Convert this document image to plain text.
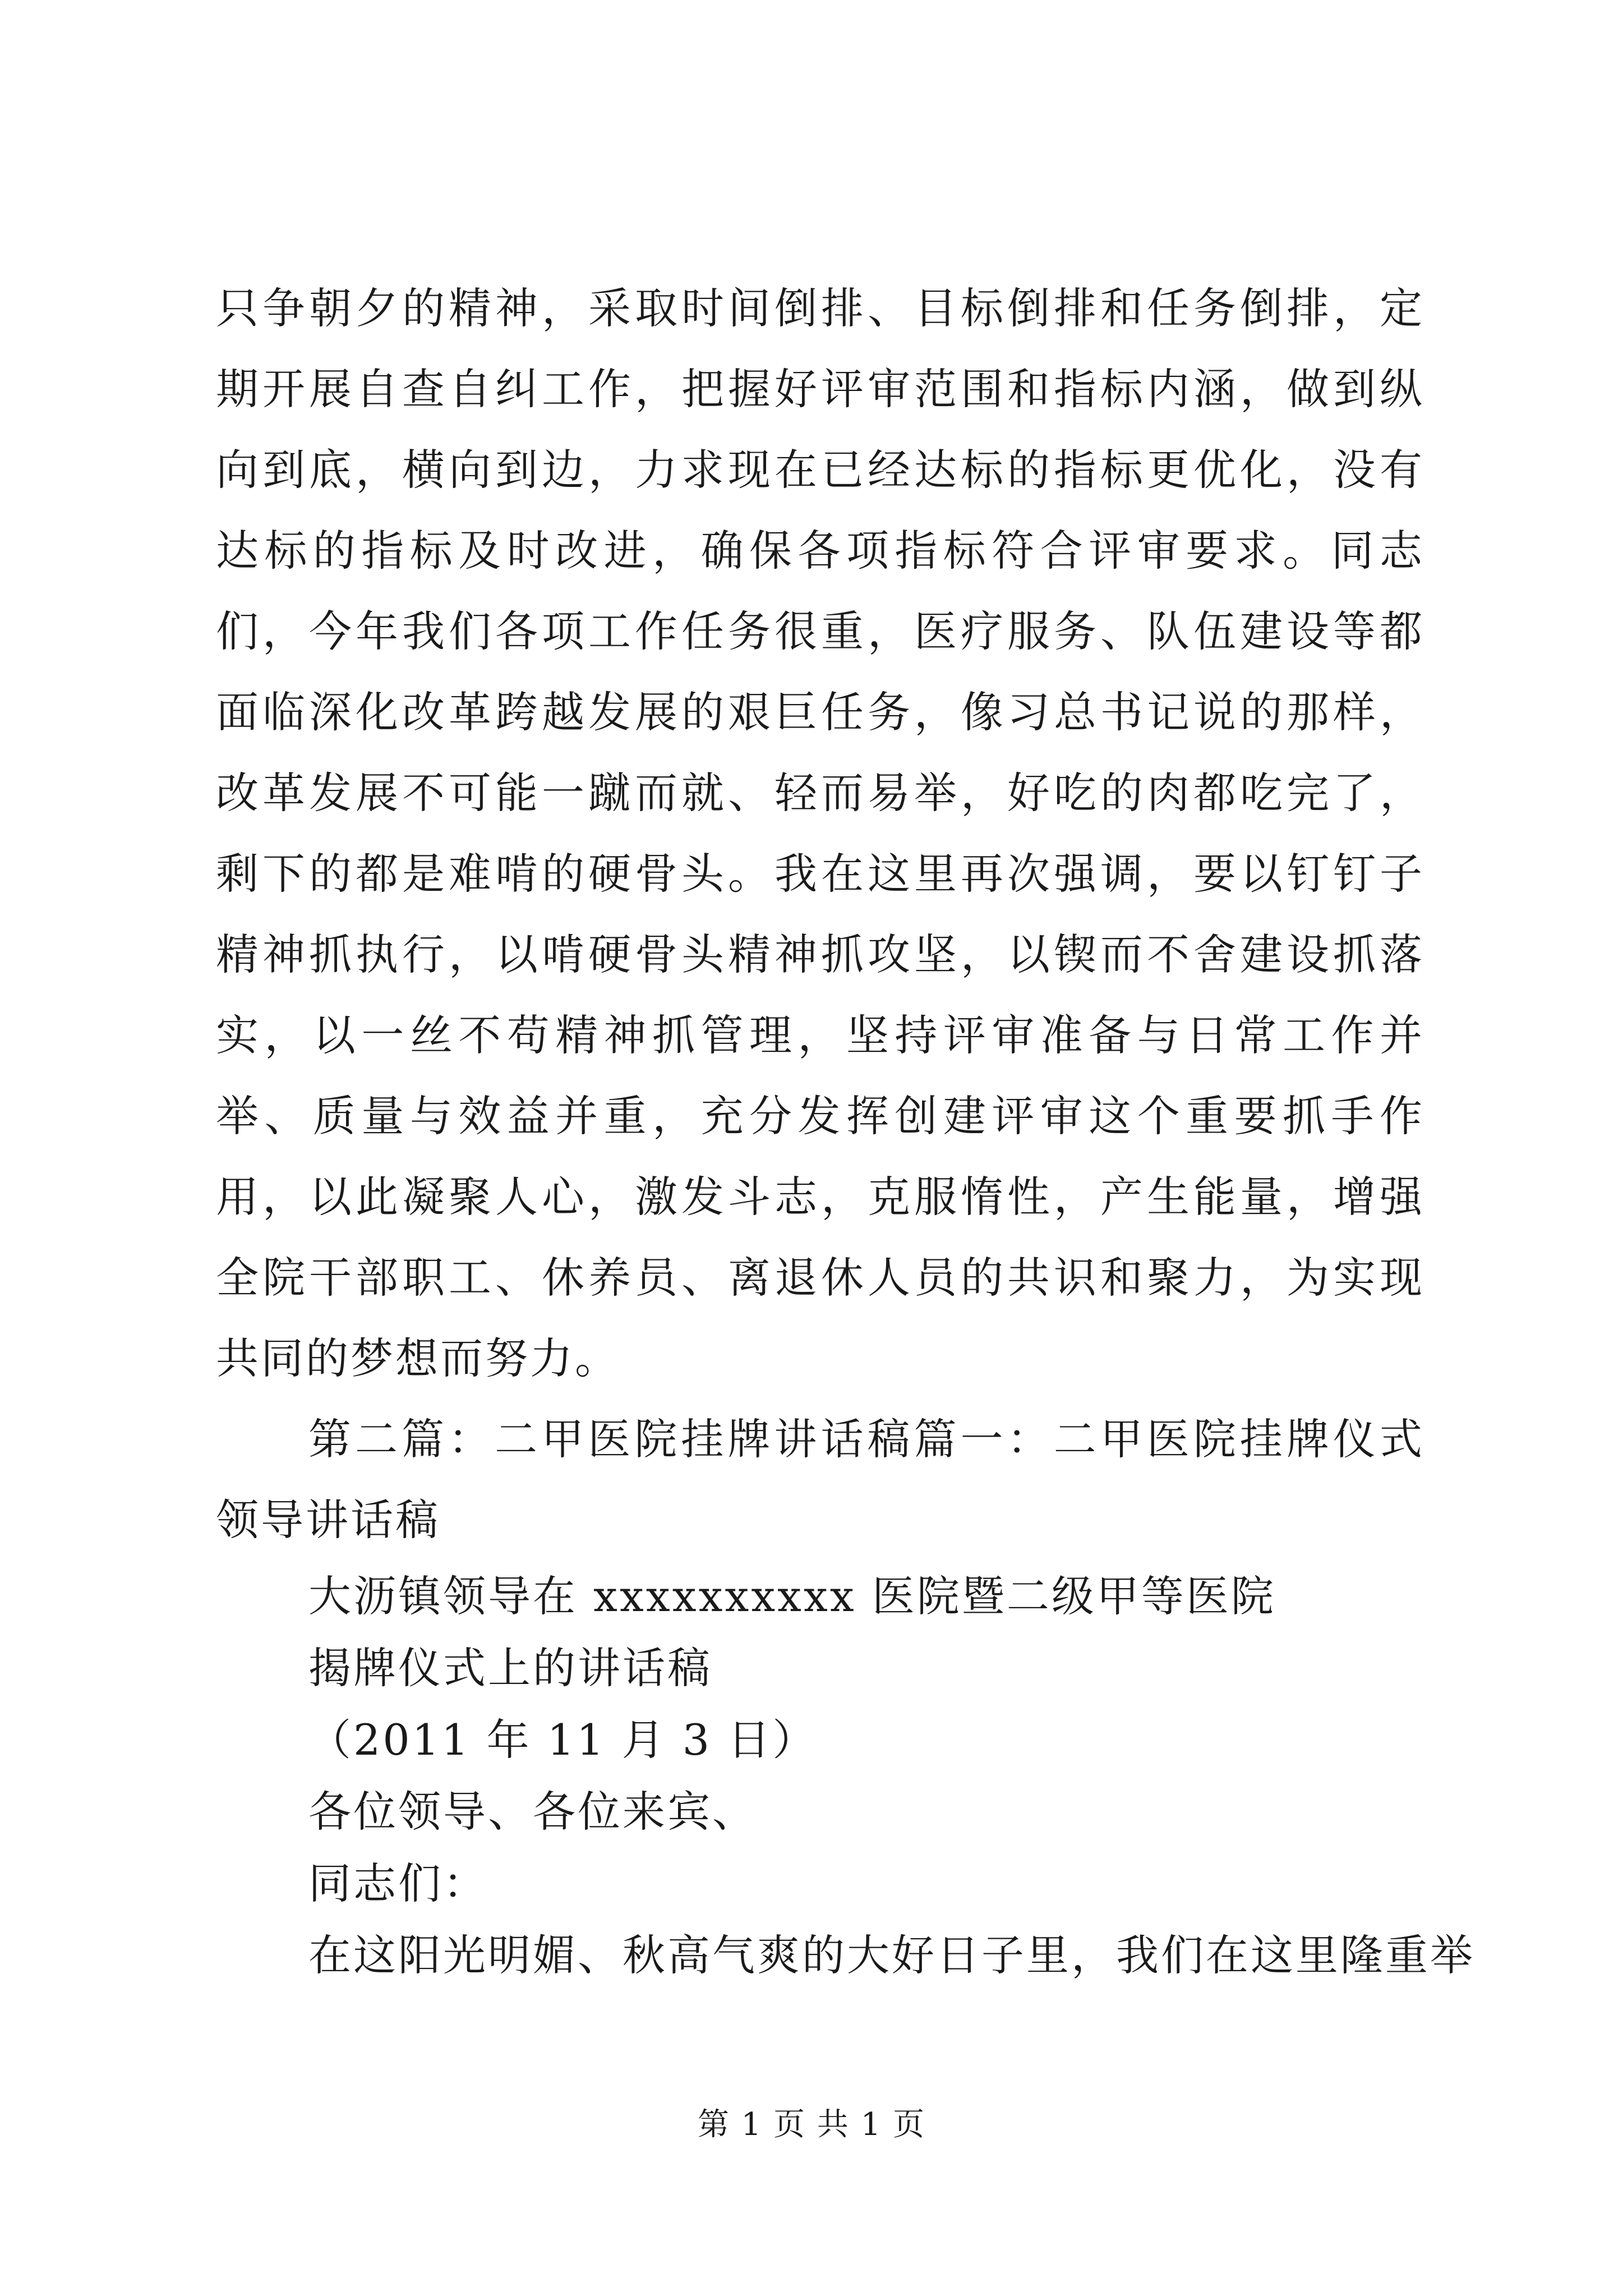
只争朝夕的精神，采取时间倒排、目标倒排和任务倒排，定期开展自查自纠工作，把握好评审范围和指标内涵，做到纵向到底，横向到边，力求现在已经达标的指标更优化，没有达标的指标及时改进，确保各项指标符合评审要求。同志们，今年我们各项工作任务很重，医疗服务、队伍建设等都面临深化改革跨越发展的艰巨任务，像习总书记说的那样，改革发展不可能一蹴而就、轻而易举，好吃的肉都吃完了，剩下的都是难啃的硬骨头。我在这里再次强调，要以钉钉子精神抓执行，以啃硬骨头精神抓攻坚，以锲而不舍建设抓落实，以一丝不苟精神抓管理，坚持评审准备与日常工作并举、质量与效益并重，充分发挥创建评审这个重要抓手作用，以此凝聚人心，激发斗志，克服惰性，产生能量，增强全院干部职工、休养员、离退休人员的共识和聚力，为实现共同的梦想而努力。

第二篇：二甲医院挂牌讲话稿篇一：二甲医院挂牌仪式领导讲话稿

大沥镇领导在 xxxxxxxxxx 医院暨二级甲等医院

揭牌仪式上的讲话稿

（2011 年 11 月 3 日）

各位领导、各位来宾、

同志们：

在这阳光明媚、秋高气爽的大好日子里，我们在这里隆重举

第 1 页 共 1 页
